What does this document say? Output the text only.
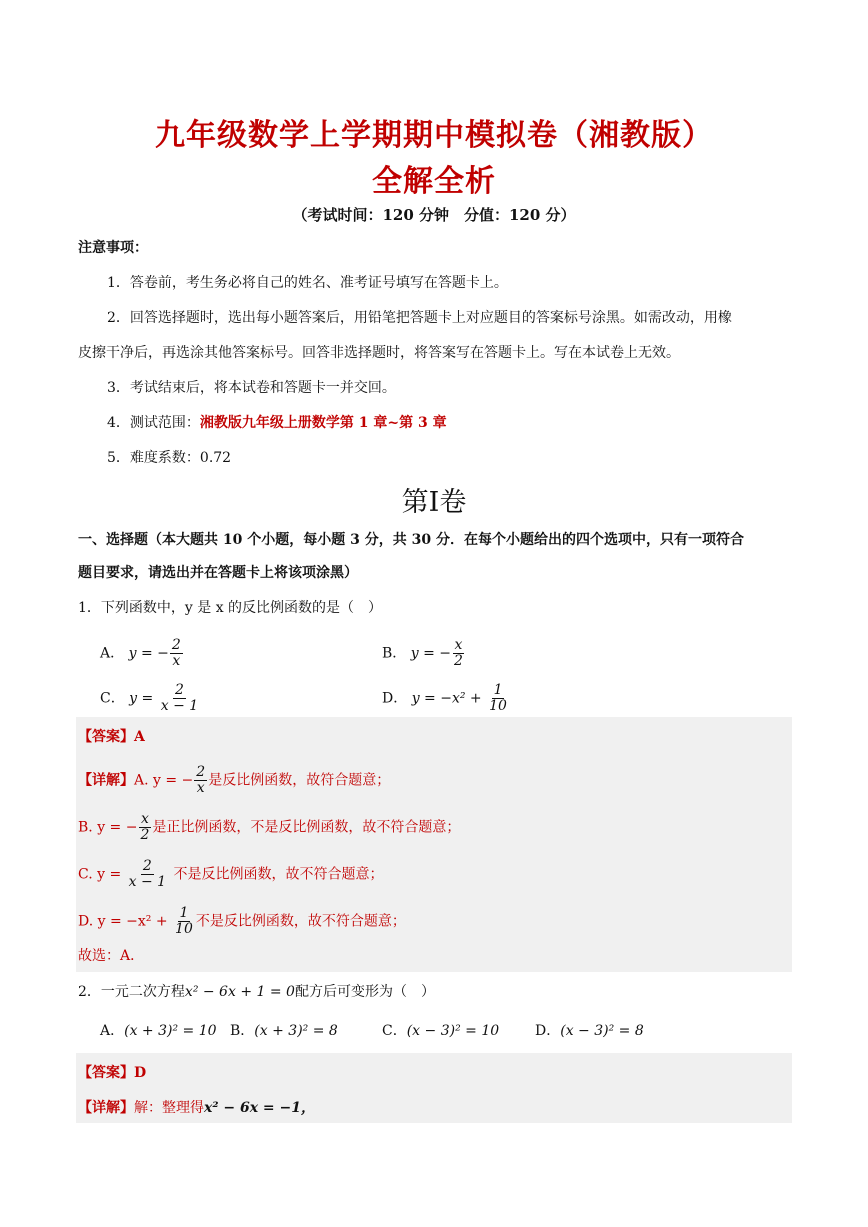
九年级数学上学期期中模拟卷（湘教版）
全解全析
（考试时间：120 分钟　分值：120 分）
注意事项：
1．答卷前，考生务必将自己的姓名、准考证号填写在答题卡上。
2．回答选择题时，选出每小题答案后，用铅笔把答题卡上对应题目的答案标号涂黑。如需改动，用橡
皮擦干净后，再选涂其他答案标号。回答非选择题时，将答案写在答题卡上。写在本试卷上无效。
3．考试结束后，将本试卷和答题卡一并交回。
4．测试范围：湘教版九年级上册数学第 1 章~第 3 章
5．难度系数：0.72
第Ⅰ卷
一、选择题（本大题共 10 个小题，每小题 3 分，共 30 分．在每个小题给出的四个选项中，只有一项符合
题目要求，请选出并在答题卡上将该项涂黑）
1．下列函数中，y 是 x 的反比例函数的是（　）
A． y = − $\frac{2}{x}$	B． y = − $\frac{x}{2}$
C． $y = \frac{2}{x - 1}$	D． $y = -x^2 + \frac{1}{10}$
【答案】A
【详解】A. y = − $\frac{2}{x}$ 是反比例函数，故符合题意；
B. y = − $\frac{x}{2}$ 是正比例函数，不是反比例函数，故不符合题意；
C. $y = \frac{2}{x - 1}$ 不是反比例函数，故不符合题意；
D. $y = -x^2 + \frac{1}{10}$ 不是反比例函数，故不符合题意；
故选：A．
2．一元二次方程x² − 6x + 1 = 0配方后可变形为（　）
A．(x + 3)² = 10 B．(x + 3)² = 8	C．(x − 3)² = 10	D．(x − 3)² = 8
【答案】D
【详解】解：整理得x² − 6x = −1，
